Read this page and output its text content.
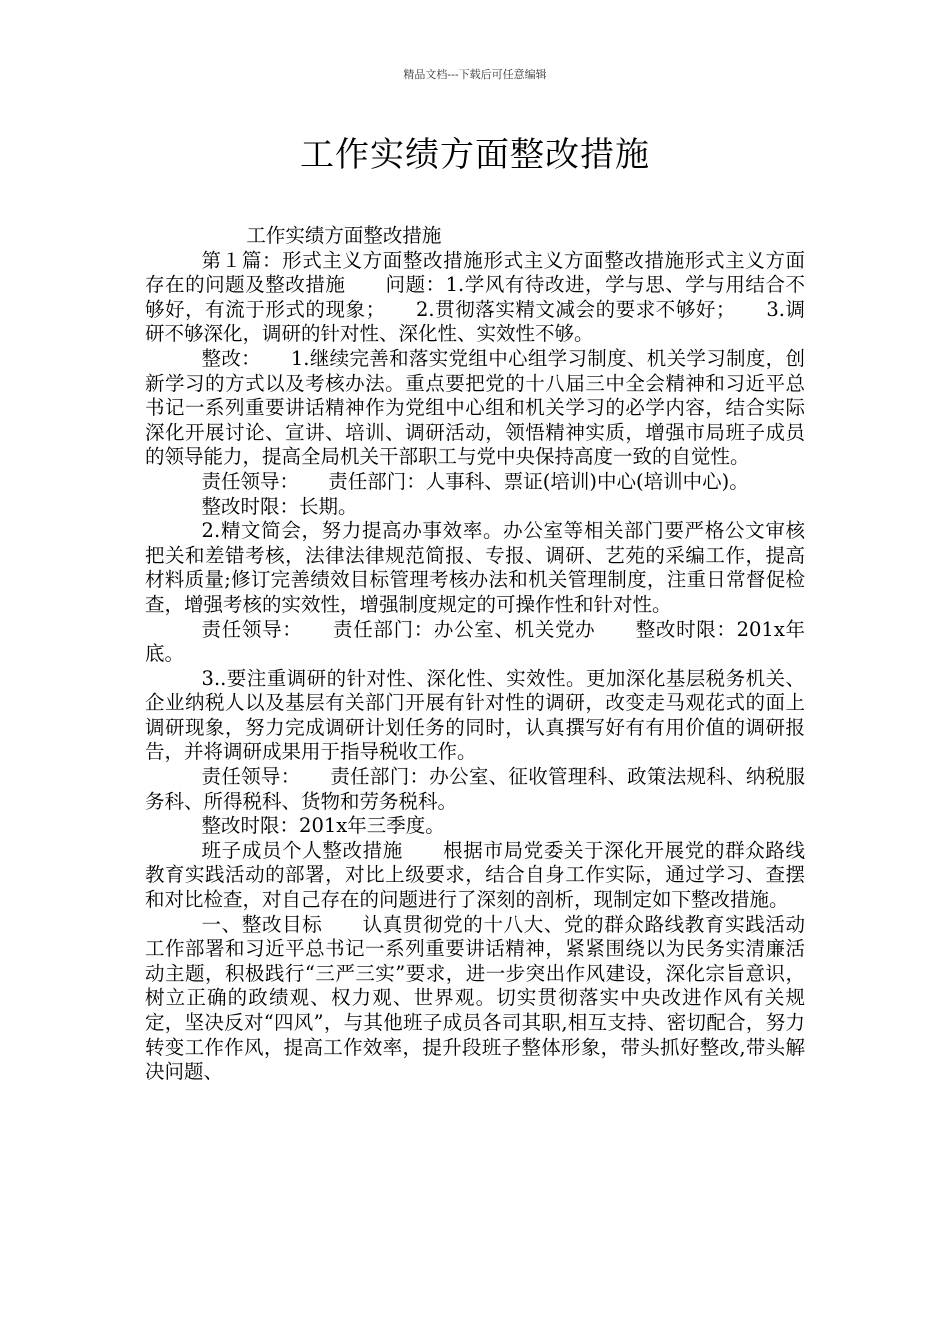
精品文档---下载后可任意编辑
工作实绩方面整改措施

工作实绩方面整改措施

第１篇：形式主义方面整改措施形式主义方面整改措施形式主义方面存在的问题及整改措施　　问题：1.学风有待改进，学与思、学与用结合不够好，有流于形式的现象；　　2.贯彻落实精文减会的要求不够好；　　3.调研不够深化，调研的针对性、深化性、实效性不够。

整改：　　1.继续完善和落实党组中心组学习制度、机关学习制度，创新学习的方式以及考核办法。重点要把党的十八届三中全会精神和习近平总书记一系列重要讲话精神作为党组中心组和机关学习的必学内容，结合实际深化开展讨论、宣讲、培训、调研活动，领悟精神实质，增强市局班子成员的领导能力，提高全局机关干部职工与党中央保持高度一致的自觉性。

责任领导：　　责任部门：人事科、票证(培训)中心(培训中心)。

整改时限：长期。

2.精文简会，努力提高办事效率。办公室等相关部门要严格公文审核把关和差错考核，法律法律规范简报、专报、调研、艺苑的采编工作，提高材料质量;修订完善绩效目标管理考核办法和机关管理制度，注重日常督促检查，增强考核的实效性，增强制度规定的可操作性和针对性。

责任领导：　　责任部门：办公室、机关党办　　整改时限：201x年底。

3..要注重调研的针对性、深化性、实效性。更加深化基层税务机关、企业纳税人以及基层有关部门开展有针对性的调研，改变走马观花式的面上调研现象，努力完成调研计划任务的同时，认真撰写好有有用价值的调研报告，并将调研成果用于指导税收工作。

责任领导：　　责任部门：办公室、征收管理科、政策法规科、纳税服务科、所得税科、货物和劳务税科。

整改时限：201x年三季度。

班子成员个人整改措施　　根据市局党委关于深化开展党的群众路线教育实践活动的部署，对比上级要求，结合自身工作实际，通过学习、查摆和对比检查，对自己存在的问题进行了深刻的剖析，现制定如下整改措施。

一、整改目标　　认真贯彻党的十八大、党的群众路线教育实践活动工作部署和习近平总书记一系列重要讲话精神，紧紧围绕以为民务实清廉活动主题，积极践行“三严三实”要求，进一步突出作风建设，深化宗旨意识，树立正确的政绩观、权力观、世界观。切实贯彻落实中央改进作风有关规定，坚决反对“四风”，与其他班子成员各司其职,相互支持、密切配合，努力转变工作作风，提高工作效率，提升段班子整体形象，带头抓好整改,带头解决问题、
